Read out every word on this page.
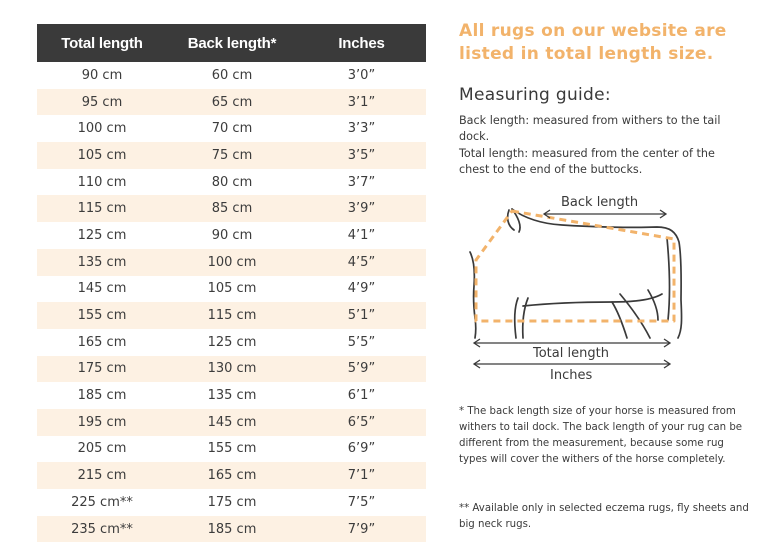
Total length	Back length*	Inches
90 cm	60 cm	3’0”
95 cm	65 cm	3’1”
100 cm	70 cm	3’3”
105 cm	75 cm	3’5”
110 cm	80 cm	3’7”
115 cm	85 cm	3’9”
125 cm	90 cm	4’1”
135 cm	100 cm	4’5”
145 cm	105 cm	4’9”
155 cm	115 cm	5’1”
165 cm	125 cm	5’5”
175 cm	130 cm	5’9”
185 cm	135 cm	6’1”
195 cm	145 cm	6’5”
205 cm	155 cm	6’9”
215 cm	165 cm	7’1”
225 cm**	175 cm	7’5”
235 cm**	185 cm	7’9”
All rugs on our website are listed in total length size.
Measuring guide:
Back length: measured from withers to the tail dock.
Total length: measured from the center of the chest to the end of the buttocks.
Back length
Total length
Inches

* The back length size of your horse is measured from withers to tail dock. The back length of your rug can be different from the measurement, because some rug types will cover the withers of the horse completely.

** Available only in selected eczema rugs, fly sheets and big neck rugs.
